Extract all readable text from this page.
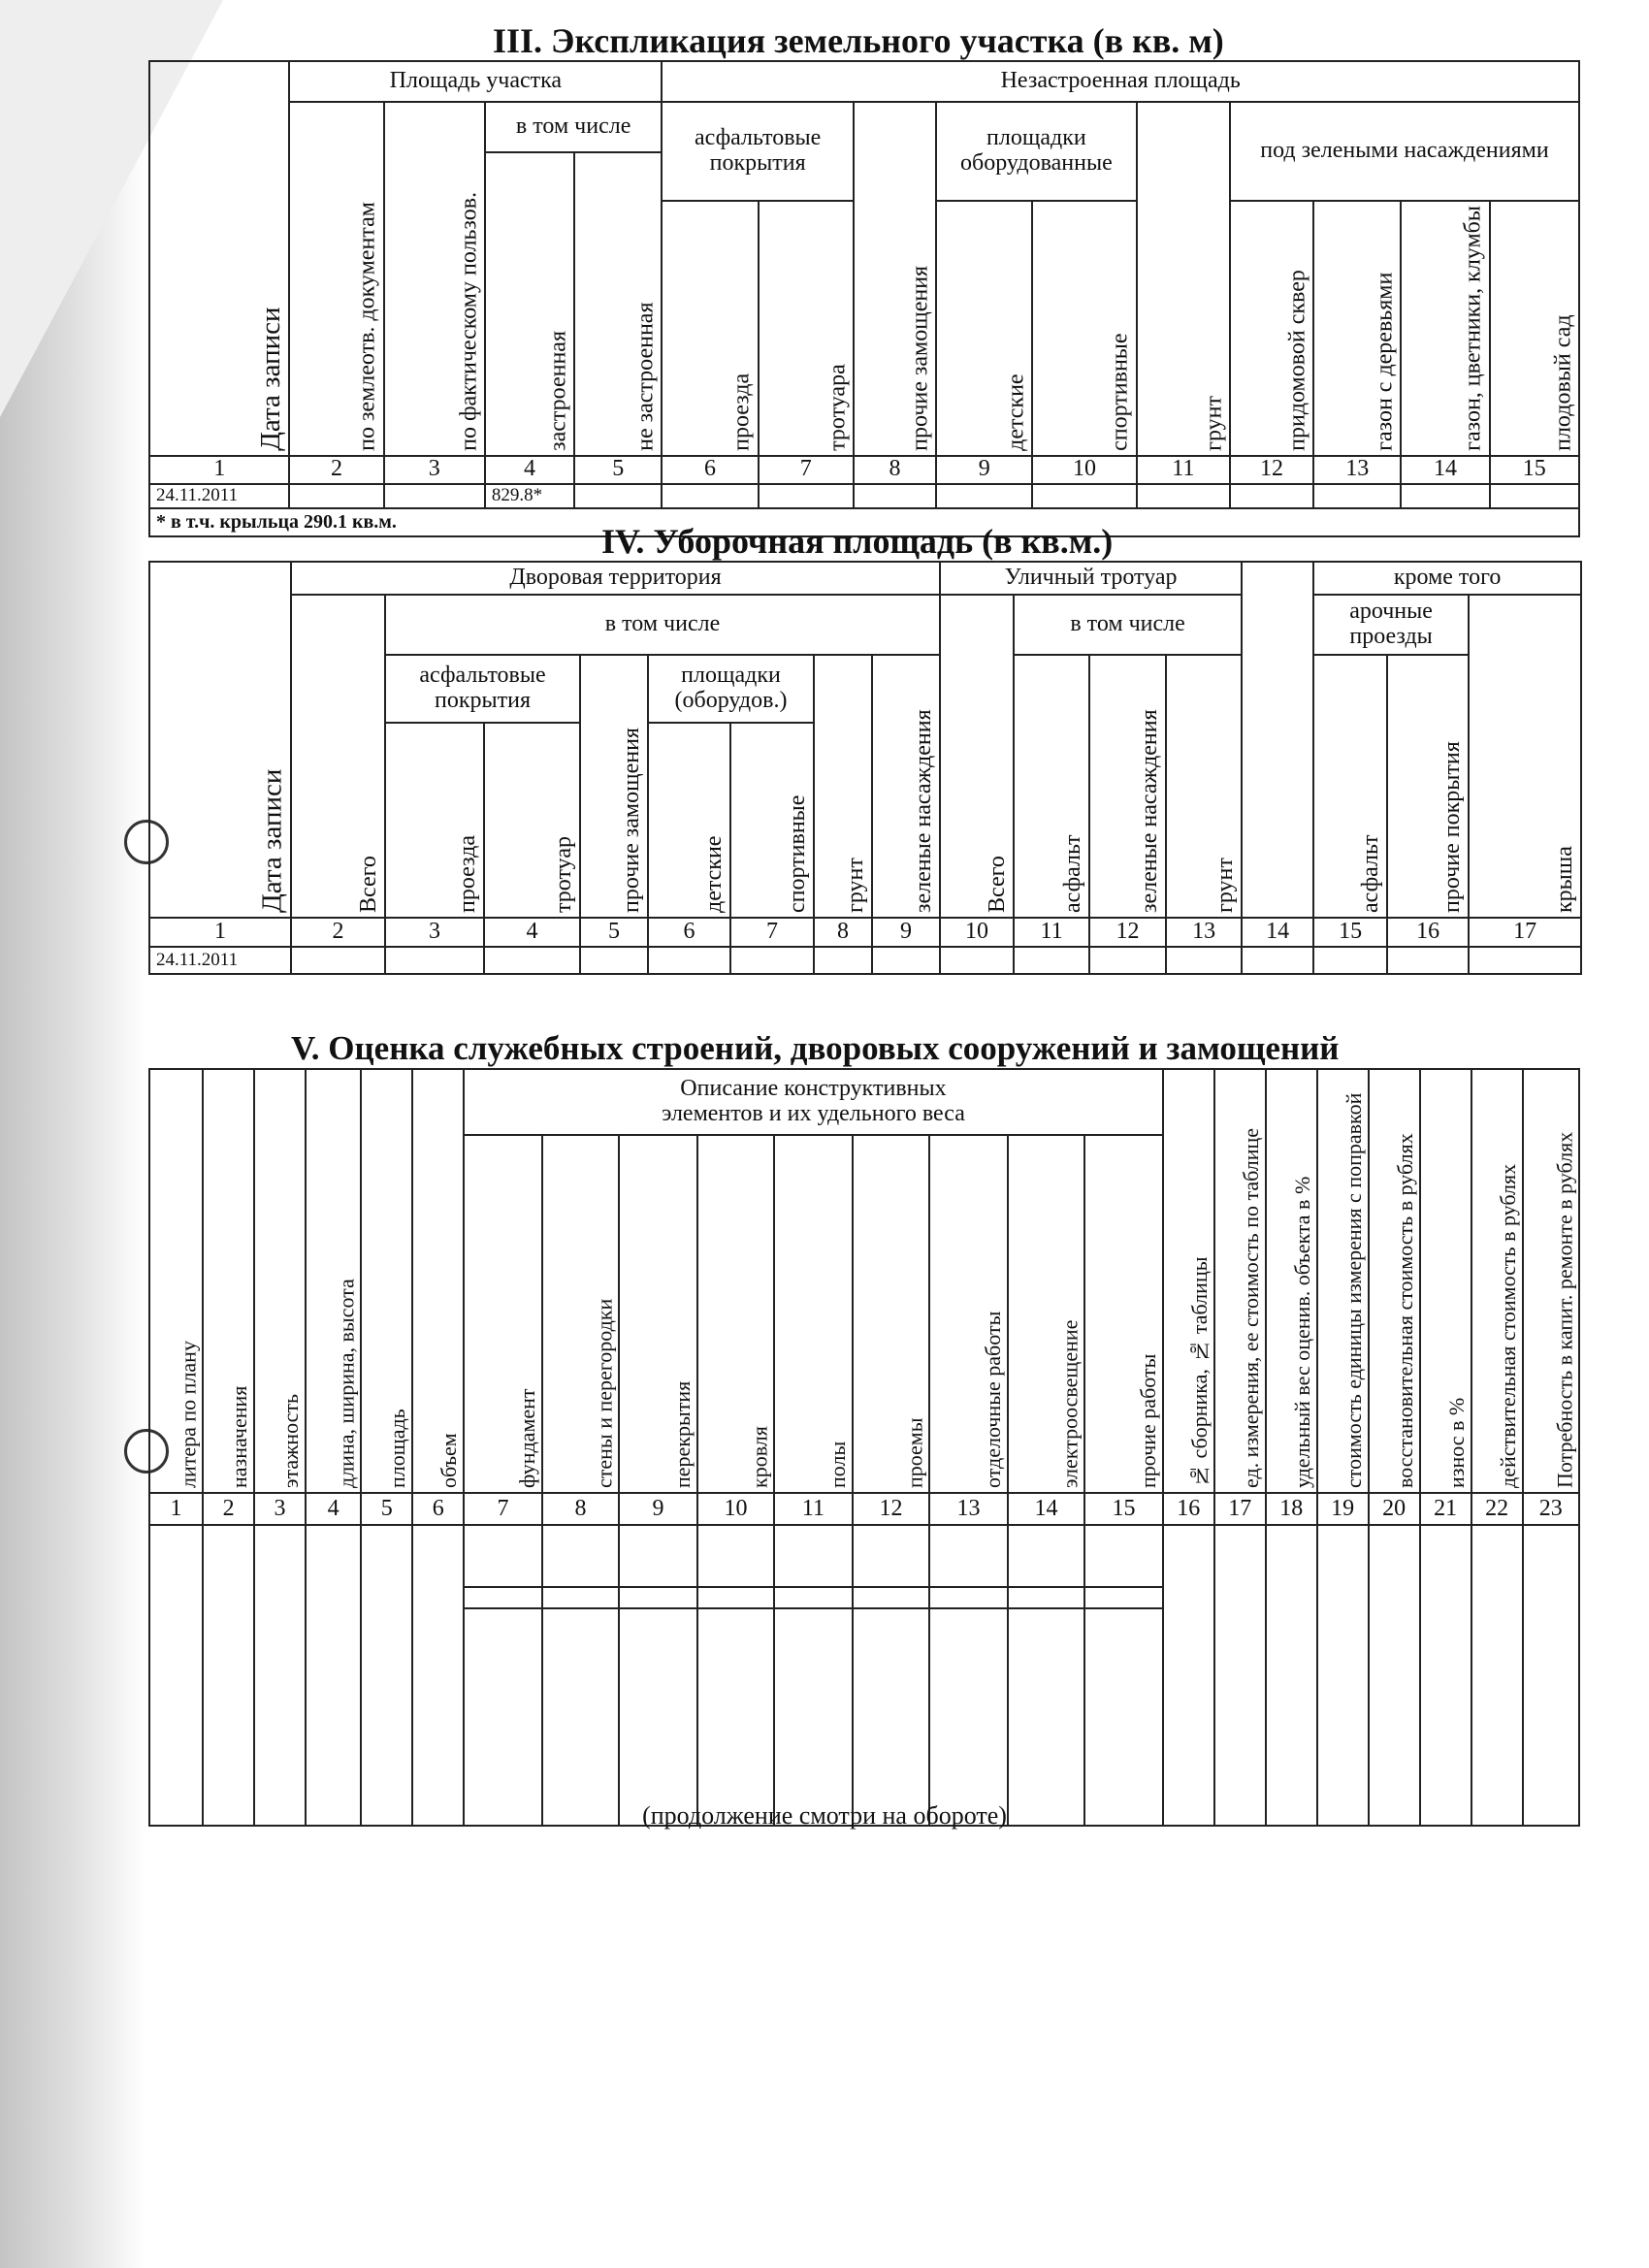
III. Экспликация земельного участка (в кв. м)
Дата записи	Площадь участка				Незастроенная площадь									
	по землеотв. документам	по фактическому пользов.	в том числе		асфальтовые покрытия		прочие замощения	площадки оборудованные		грунт	под зелеными насаждениями			
			застроенная	не застроенная										
					проезда	тротуара		детские	спортивные		придомовой сквер	газон с деревьями	газон, цветники, клумбы	плодовый сад
1	2	3	4	5	6	7	8	9	10	11	12	13	14	15
24.11.2011			829.8*											
* в т.ч. крыльца 290.1 кв.м.														
IV. Уборочная площадь (в кв.м.)
Дата записи	Дворовая территория								Уличный тротуар					кроме того		
	Всего	в том числе							Всего	в том числе				арочные проезды		крыша
		асфальтовые покрытия		прочие замощения	площадки (оборудов.)		грунт	зеленые насаждения		асфальт	зеленые насаждения	грунт		асфальт	прочие покрытия	
		проезда	тротуар		детские	спортивные										
1	2	3	4	5	6	7	8	9	10	11	12	13	14	15	16	17
24.11.2011																
V. Оценка служебных строений, дворовых сооружений и замощений
литера по плану	назначения	этажность	длина, ширина, высота	площадь	объем	Описание конструктивных элементов и их удельного веса									№ сборника, № таблицы	ед. измерения, ее стоимость по таблице	удельный вес оценив. объекта в %	стоимость единицы измерения с поправкой	восстановительная стоимость в рублях	износ в %	действительная стоимость в рублях	Потребность в капит. ремонте в рублях
						фундамент	стены и перегородки	перекрытия	кровля	полы	проемы	отделочные работы	электроосвещение	прочие работы								
1	2	3	4	5	6	7	8	9	10	11	12	13	14	15	16	17	18	19	20	21	22	23

(продолжение смотри на обороте)
